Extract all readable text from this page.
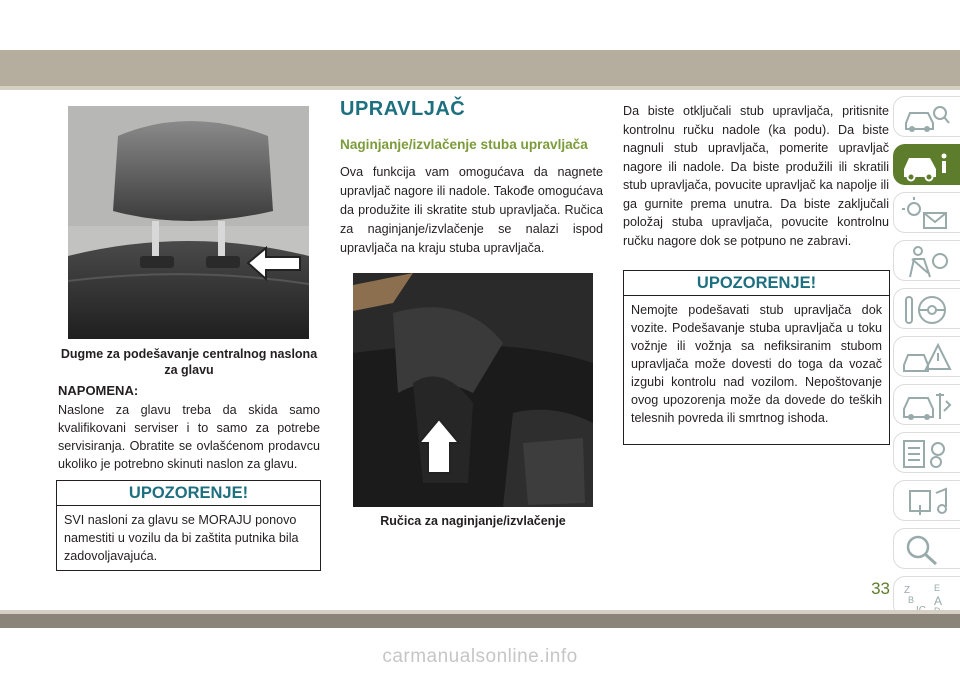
Dugme za podešavanje centralnog naslona za glavu
NAPOMENA:
Naslone za glavu treba da skida samo kvalifikovani serviser i to samo za potrebe servisiranja. Obratite se ovlašćenom prodavcu ukoliko je potrebno skinuti naslon za glavu.
UPOZORENJE!
SVI nasloni za glavu se MORAJU ponovo namestiti u vozilu da bi zaštita putnika bila zadovoljavajuća.
UPRAVLJAČ
Naginjanje/izvlačenje stuba upravljača
Ova funkcija vam omogućava da nagnete upravljač nagore ili nadole. Takođe omogućava da produžite ili skratite stub upravljača. Ručica za naginjanje/izvlačenje se nalazi ispod upravljača na kraju stuba upravljača.
Ručica za naginjanje/izvlačenje
Da biste otključali stub upravljača, pritisnite kontrolnu ručku nadole (ka podu). Da biste nagnuli stub upravljača, pomerite upravljač nagore ili nadole. Da biste produžili ili skratili stub upravljača, povucite upravljač ka napolje ili ga gurnite prema unutra. Da biste zaključali položaj stuba upravljača, povucite kontrolnu ručku nagore dok se potpuno ne zabravi.
UPOZORENJE!
Nemojte podešavati stub upravljača dok vozite. Podešavanje stuba upravljača u toku vožnje ili vožnja sa nefiksiranim stubom upravljača može dovesti do toga da vozač izgubi kontrolu nad vozilom. Nepoštovanje ovog upozorenja može da dovede do teških telesnih povreda ili smrtnog ishoda.
Z	E
B A
33
carmanualsonline.info
